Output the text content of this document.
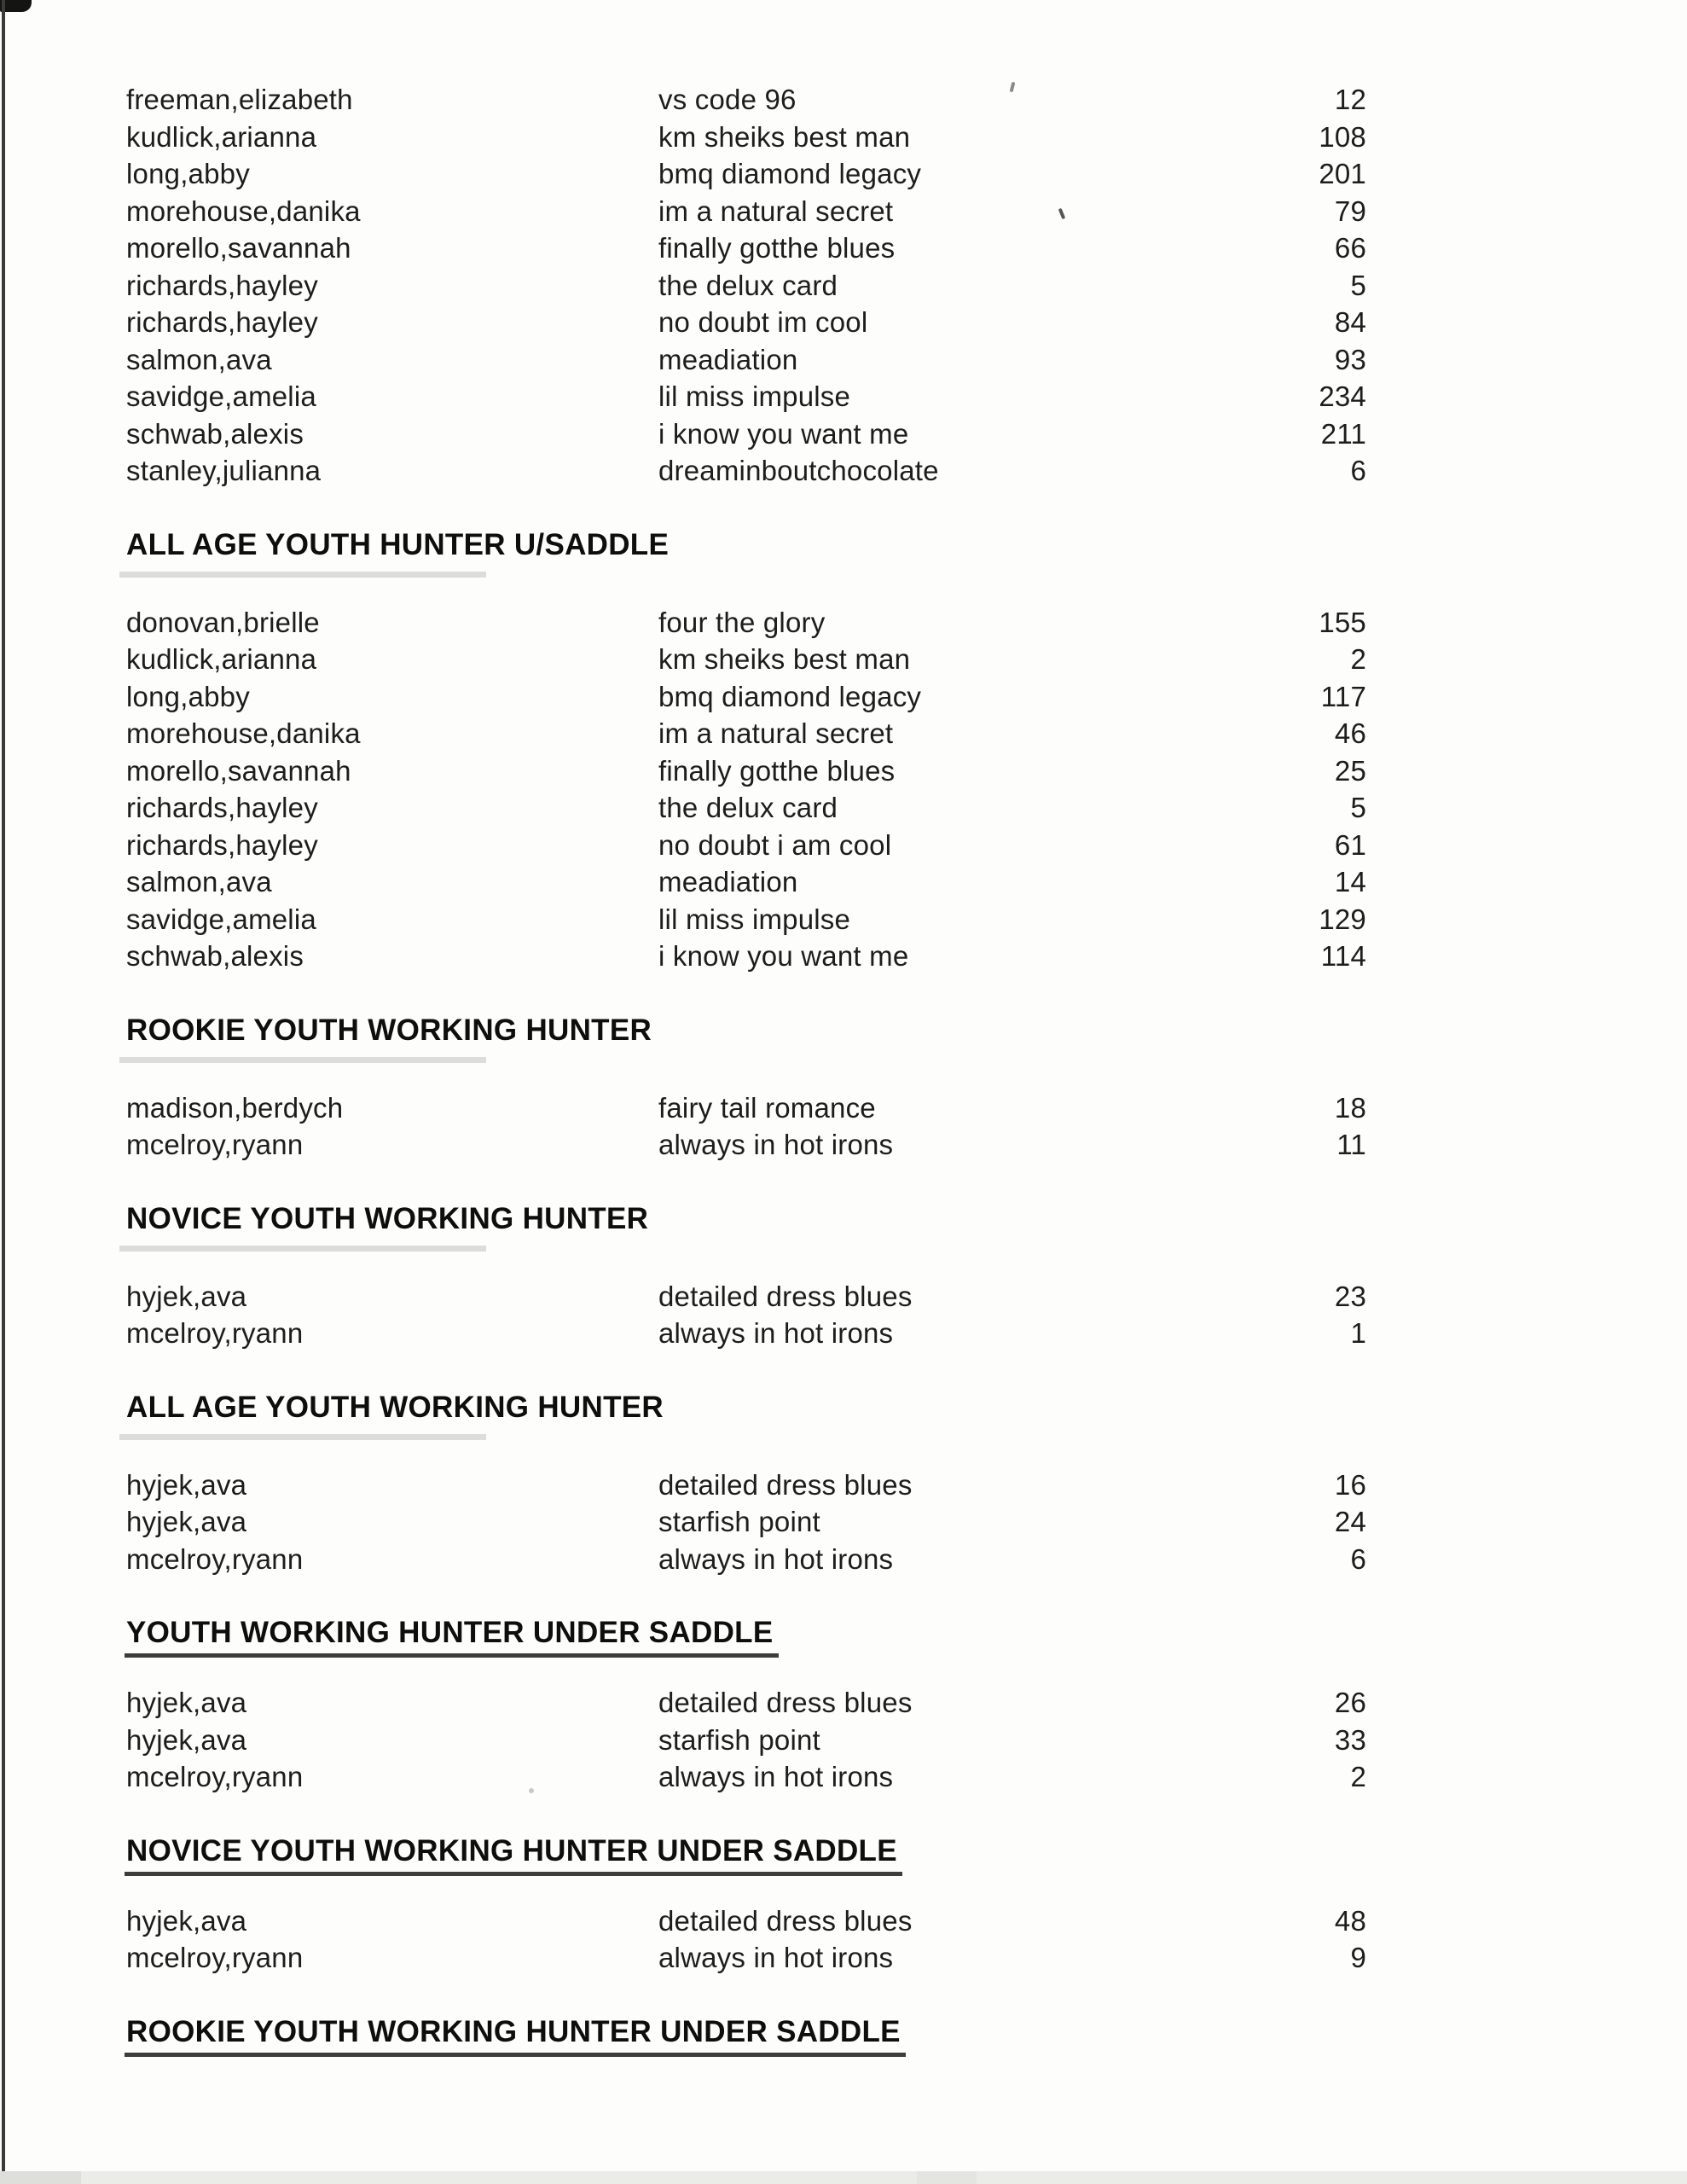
freeman,elizabeth	vs code 96	12
kudlick,arianna	km sheiks best man	108
long,abby	bmq diamond legacy	201
morehouse,danika	im a natural secret	79
morello,savannah	finally gotthe blues	66
richards,hayley	the delux card	5
richards,hayley	no doubt im cool	84
salmon,ava	meadiation	93
savidge,amelia	lil miss impulse	234
schwab,alexis	i know you want me	211
stanley,julianna	dreaminboutchocolate	6
ALL AGE YOUTH HUNTER U/SADDLE
donovan,brielle	four the glory	155
kudlick,arianna	km sheiks best man	2
long,abby	bmq diamond legacy	117
morehouse,danika	im a natural secret	46
morello,savannah	finally gotthe blues	25
richards,hayley	the delux card	5
richards,hayley	no doubt i am cool	61
salmon,ava	meadiation	14
savidge,amelia	lil miss impulse	129
schwab,alexis	i know you want me	114
ROOKIE YOUTH WORKING HUNTER
madison,berdych	fairy tail romance	18
mcelroy,ryann	always in hot irons	11
NOVICE YOUTH WORKING HUNTER
hyjek,ava	detailed dress blues	23
mcelroy,ryann	always in hot irons	1
ALL AGE YOUTH WORKING HUNTER
hyjek,ava	detailed dress blues	16
hyjek,ava	starfish point	24
mcelroy,ryann	always in hot irons	6
YOUTH WORKING HUNTER UNDER SADDLE
hyjek,ava	detailed dress blues	26
hyjek,ava	starfish point	33
mcelroy,ryann	always in hot irons	2
NOVICE YOUTH WORKING HUNTER UNDER SADDLE
hyjek,ava	detailed dress blues	48
mcelroy,ryann	always in hot irons	9
ROOKIE YOUTH WORKING HUNTER UNDER SADDLE
